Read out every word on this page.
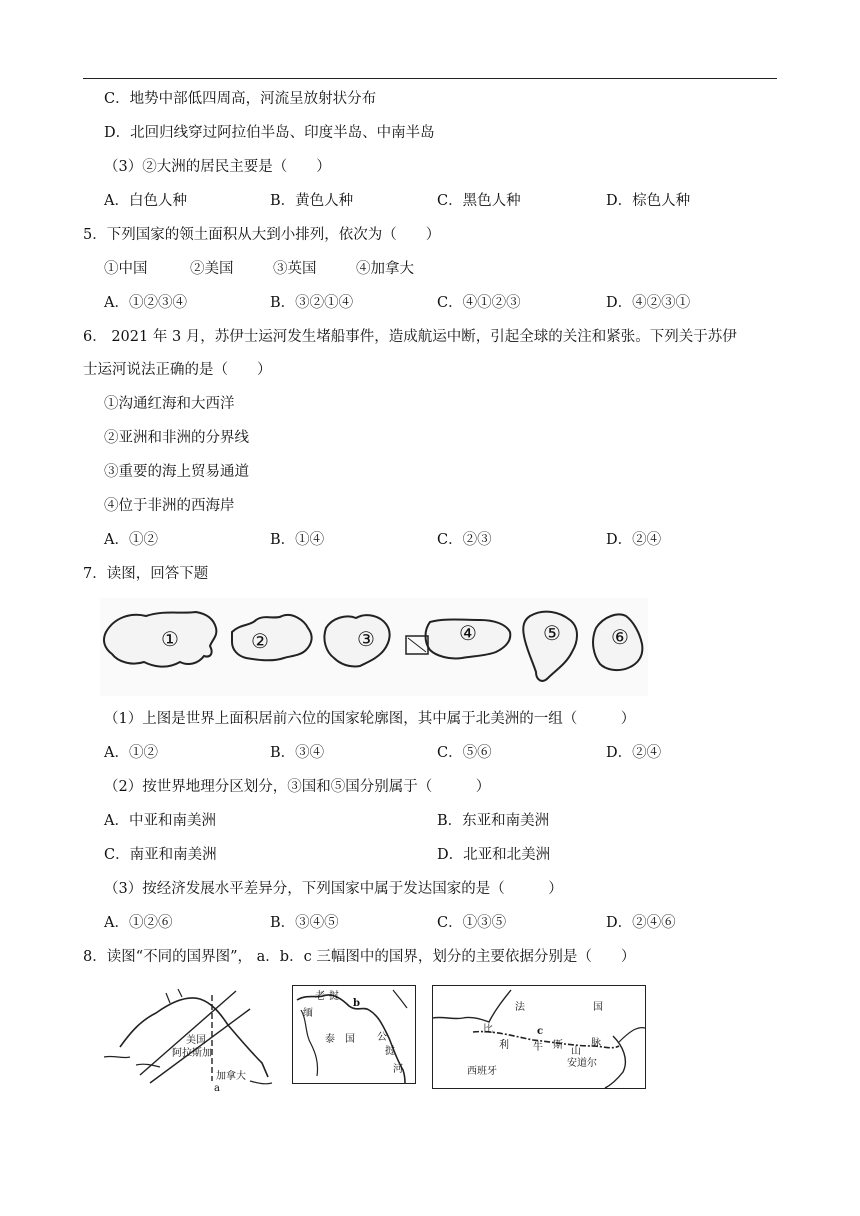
C．地势中部低四周高，河流呈放射状分布
D．北回归线穿过阿拉伯半岛、印度半岛、中南半岛
（3）②大洲的居民主要是（　　）
A．白色人种	B．黄色人种	C．黑色人种	D．棕色人种
5．下列国家的领土面积从大到小排列，依次为（　　）
①中国	②美国	③英国	④加拿大
A．①②③④	B．③②①④	C．④①②③	D．④②③①
6． 2021 年 3 月，苏伊士运河发生堵船事件，造成航运中断，引起全球的关注和紧张。下列关于苏伊
士运河说法正确的是（　　）
①沟通红海和大西洋
②亚洲和非洲的分界线
③重要的海上贸易通道
④位于非洲的西海岸
A．①②	B．①④	C．②③	D．②④
7．读图，回答下题
①	②	③	④	⑤	⑥
（1）上图是世界上面积居前六位的国家轮廓图，其中属于北美洲的一组（　　　）
A．①②	B．③④	C．⑤⑥	D．②④
（2）按世界地理分区划分，③国和⑤国分别属于（　　　）
A．中亚和南美洲	B．东亚和南美洲
C．南亚和南美洲	D．北亚和北美洲
（3）按经济发展水平差异分，下列国家中属于发达国家的是（　　　）
A．①②⑥	B．③④⑤	C．①③⑤	D．②④⑥
8．读图“不同的国界图”， a．b．c 三幅图中的国界，划分的主要依据分别是（　　）
美国
阿拉斯加
加拿大
a
老 挝
缅
b
泰　国 公
挝
河
法	国
比	c
利 牛 斯
山
脉
安道尔
西班牙
